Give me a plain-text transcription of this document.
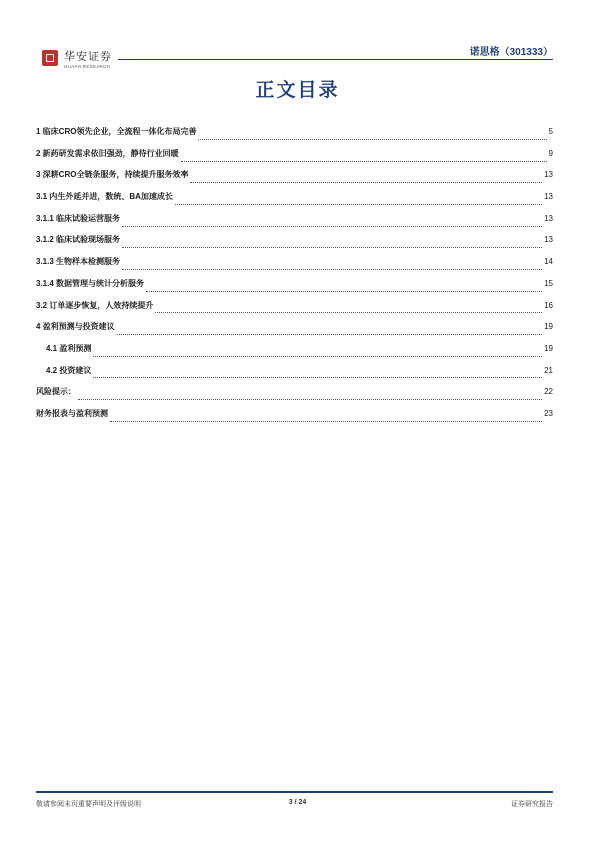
华安证券
HUAAN RESEARCH
诺思格（301333）
正文目录
1 临床CRO领先企业，全流程一体化布局完善	5
2 新药研发需求依旧强劲，静待行业回暖	9
3 深耕CRO全链条服务，持续提升服务效率	13
3.1 内生外延并进，数统、BA加速成长	13
3.1.1 临床试验运营服务	13
3.1.2 临床试验现场服务	13
3.1.3 生物样本检测服务	14
3.1.4 数据管理与统计分析服务	15
3.2 订单逐步恢复，人效持续提升	16
4 盈利预测与投资建议	19
4.1 盈利预测	19
4.2 投资建议	21
风险提示：	22
财务报表与盈利预测	23
敬请参阅末页重要声明及评级说明	3 / 24	证券研究报告
